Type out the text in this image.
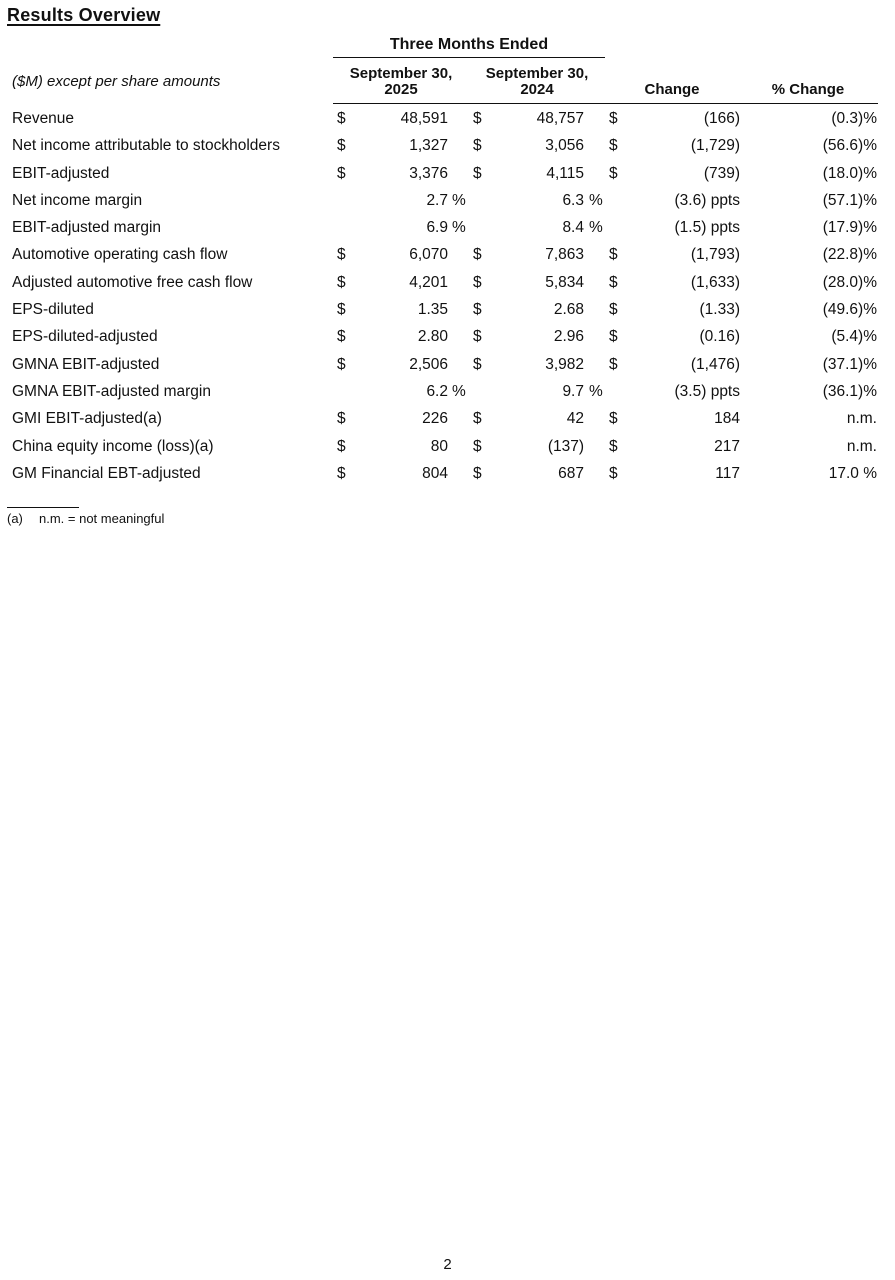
Results Overview
Three Months Ended
($M) except per share amounts	September 30,
2025
September 30,
2024
	Change
	% Change
Revenue	$	48,591 $	48,757 $	(166)	(0.3)%
Net income attributable to stockholders	$	1,327 $	3,056 $	(1,729)	(56.6)%
EBIT-adjusted	$	3,376 $	4,115 $	(739)	(18.0)%
Net income margin	2.7 %	6.3 %	(3.6) ppts	(57.1)%
EBIT-adjusted margin	6.9 %	8.4 %	(1.5) ppts	(17.9)%
Automotive operating cash flow	$	6,070 $	7,863 $	(1,793)	(22.8)%
Adjusted automotive free cash flow	$	4,201 $	5,834 $	(1,633)	(28.0)%
EPS-diluted	$	1.35 $	2.68 $	(1.33)	(49.6)%
EPS-diluted-adjusted	$	2.80 $	2.96 $	(0.16)	(5.4)%
GMNA EBIT-adjusted	$	2,506 $	3,982 $	(1,476)	(37.1)%
GMNA EBIT-adjusted margin	6.2 %	9.7 %	(3.5) ppts	(36.1)%
GMI EBIT-adjusted(a)	$	226 $	42 $	184	n.m.
China equity income (loss)(a)	$	80 $	(137) $	217	n.m.
GM Financial EBT-adjusted	$	804 $	687 $	117	17.0 %
(a) n.m. = not meaningful
2
